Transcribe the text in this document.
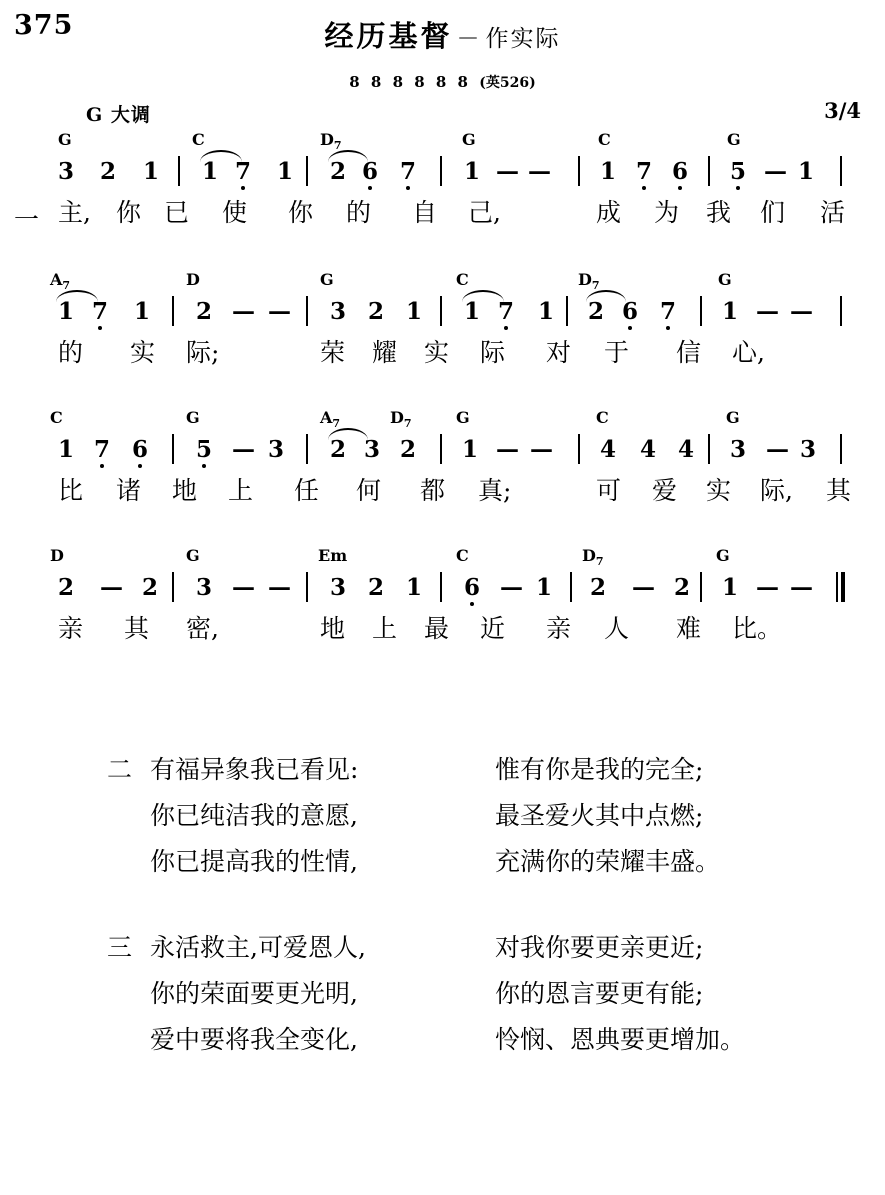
375	经历基督 － 作实际
8 8 8 8 8 8 (英526)
G 大调	3/4
G	C	$D_7$	G	C	G
3 2 1 1 7 1 2 6 7 1 — — 1 7 6 5 — 1
一 主, 你 已 使 你 的 自 己,	成 为 我 们 活
$A_7$	D	G	C	$D_7$	G
1 7 1 2 — — 3 2 1 1 7 1 2 6 7 1 — —
的 实 际;	荣 耀 实 际 对 于 信 心,
C	G	$A_7$	$D_7$	G	C	G
1 7 6 5 — 3 2 3 2 1 — — 4 4 4 3 — 3
比 诸 地 上 任 何 都 真;	可 爱 实 际, 其
D	G	Em	C	$D_7$	G
2 — 2 3 — — 3 2 1 6 — 1 2 — 2 1 — —
亲 其 密,	地 上 最 近 亲 人 难 比。
二 有福异象我已看见:	惟有你是我的完全;
你已纯洁我的意愿,	最圣爱火其中点燃;
你已提高我的性情,	充满你的荣耀丰盛。
三 永活救主,可爱恩人,	对我你要更亲更近;
你的荣面要更光明,	你的恩言要更有能;
爱中要将我全变化,	怜悯、恩典要更增加。
